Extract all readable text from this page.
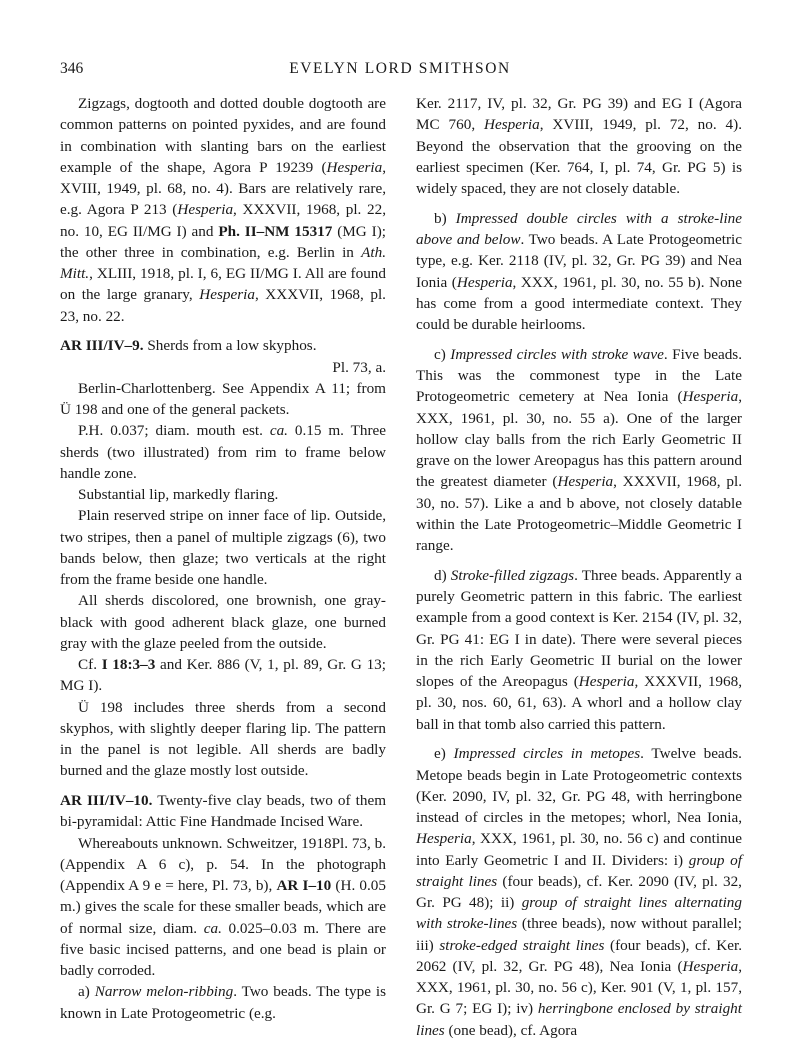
346	EVELYN LORD SMITHSON

Zigzags, dogtooth and dotted double dogtooth are common patterns on pointed pyxides, and are found in combination with slanting bars on the earliest example of the shape, Agora P 19239 (Hesperia, XVIII, 1949, pl. 68, no. 4). Bars are relatively rare, e.g. Agora P 213 (Hesperia, XXXVII, 1968, pl. 22, no. 10, EG II/MG I) and Ph. II–NM 15317 (MG I); the other three in combination, e.g. Berlin in Ath. Mitt., XLIII, 1918, pl. I, 6, EG II/MG I. All are found on the large granary, Hesperia, XXXVII, 1968, pl. 23, no. 22.

AR III/IV–9. Sherds from a low skyphos.

Pl. 73, a.

Berlin-Charlottenberg. See Appendix A 11; from Ü 198 and one of the general packets.

P.H. 0.037; diam. mouth est. ca. 0.15 m. Three sherds (two illustrated) from rim to frame below handle zone.

Substantial lip, markedly flaring.

Plain reserved stripe on inner face of lip. Outside, two stripes, then a panel of multiple zigzags (6), two bands below, then glaze; two verticals at the right from the frame beside one handle.

All sherds discolored, one brownish, one gray-black with good adherent black glaze, one burned gray with the glaze peeled from the outside.

Cf. I 18:3–3 and Ker. 886 (V, 1, pl. 89, Gr. G 13; MG I).

Ü 198 includes three sherds from a second skyphos, with slightly deeper flaring lip. The pattern in the panel is not legible. All sherds are badly burned and the glaze mostly lost outside.

AR III/IV–10. Twenty-five clay beads, two of them bi-pyramidal: Attic Fine Handmade Incised Ware.
Pl. 73, b.

Whereabouts unknown. Schweitzer, 1918 (Appendix A 6 c), p. 54. In the photograph (Appendix A 9 e = here, Pl. 73, b), AR I–10 (H. 0.05 m.) gives the scale for these smaller beads, which are of normal size, diam. ca. 0.025–0.03 m. There are five basic incised patterns, and one bead is plain or badly corroded.

a) Narrow melon-ribbing. Two beads. The type is known in Late Protogeometric (e.g.

Ker. 2117, IV, pl. 32, Gr. PG 39) and EG I (Agora MC 760, Hesperia, XVIII, 1949, pl. 72, no. 4). Beyond the observation that the grooving on the earliest specimen (Ker. 764, I, pl. 74, Gr. PG 5) is widely spaced, they are not closely datable.

b) Impressed double circles with a stroke-line above and below. Two beads. A Late Protogeometric type, e.g. Ker. 2118 (IV, pl. 32, Gr. PG 39) and Nea Ionia (Hesperia, XXX, 1961, pl. 30, no. 55 b). None has come from a good intermediate context. They could be durable heirlooms.

c) Impressed circles with stroke wave. Five beads. This was the commonest type in the Late Protogeometric cemetery at Nea Ionia (Hesperia, XXX, 1961, pl. 30, no. 55 a). One of the larger hollow clay balls from the rich Early Geometric II grave on the lower Areopagus has this pattern around the greatest diameter (Hesperia, XXXVII, 1968, pl. 30, no. 57). Like a and b above, not closely datable within the Late Protogeometric–Middle Geometric I range.

d) Stroke-filled zigzags. Three beads. Apparently a purely Geometric pattern in this fabric. The earliest example from a good context is Ker. 2154 (IV, pl. 32, Gr. PG 41: EG I in date). There were several pieces in the rich Early Geometric II burial on the lower slopes of the Areopagus (Hesperia, XXXVII, 1968, pl. 30, nos. 60, 61, 63). A whorl and a hollow clay ball in that tomb also carried this pattern.

e) Impressed circles in metopes. Twelve beads. Metope beads begin in Late Protogeometric contexts (Ker. 2090, IV, pl. 32, Gr. PG 48, with herringbone instead of circles in the metopes; whorl, Nea Ionia, Hesperia, XXX, 1961, pl. 30, no. 56 c) and continue into Early Geometric I and II. Dividers: i) group of straight lines (four beads), cf. Ker. 2090 (IV, pl. 32, Gr. PG 48); ii) group of straight lines alternating with stroke-lines (three beads), now without parallel; iii) stroke-edged straight lines (four beads), cf. Ker. 2062 (IV, pl. 32, Gr. PG 48), Nea Ionia (Hesperia, XXX, 1961, pl. 30, no. 56 c), Ker. 901 (V, 1, pl. 157, Gr. G 7; EG I); iv) herringbone enclosed by straight lines (one bead), cf. Agora
